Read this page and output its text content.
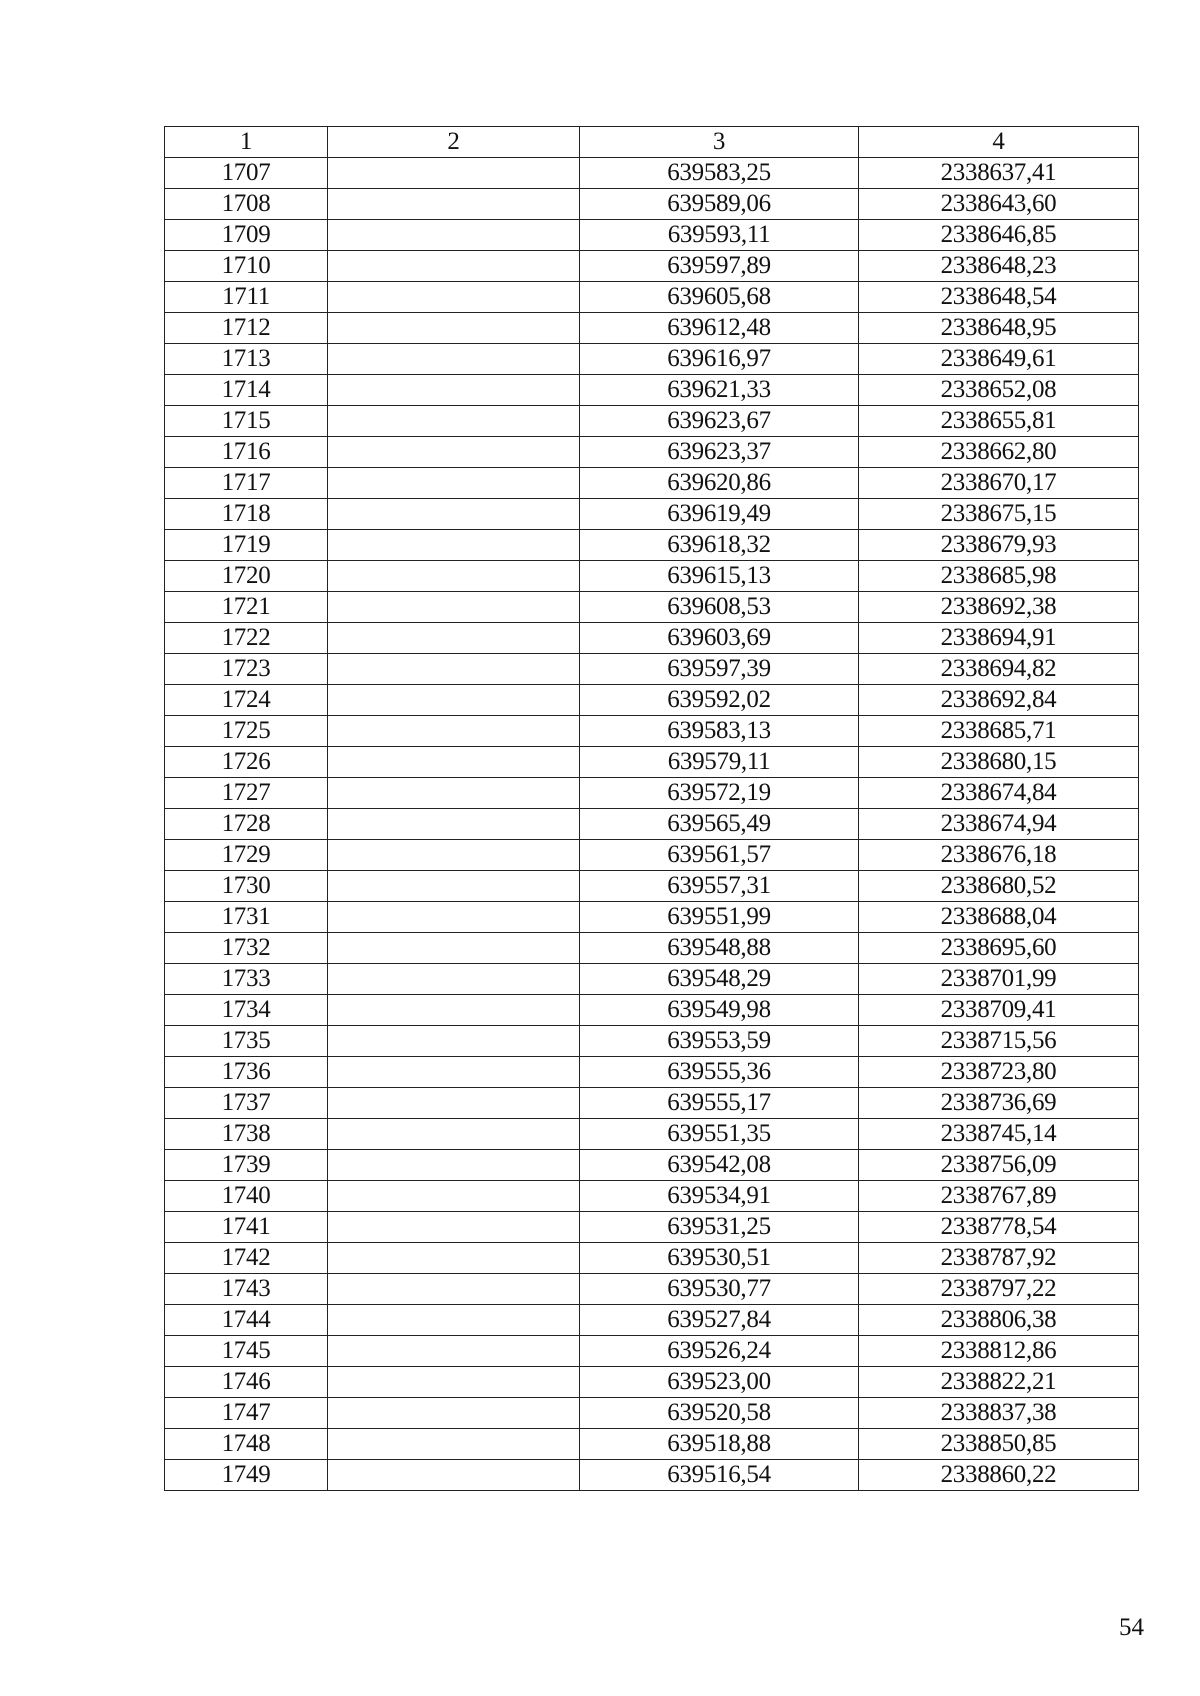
1	2	3	4
1707		639583,25	2338637,41
1708		639589,06	2338643,60
1709		639593,11	2338646,85
1710		639597,89	2338648,23
1711		639605,68	2338648,54
1712		639612,48	2338648,95
1713		639616,97	2338649,61
1714		639621,33	2338652,08
1715		639623,67	2338655,81
1716		639623,37	2338662,80
1717		639620,86	2338670,17
1718		639619,49	2338675,15
1719		639618,32	2338679,93
1720		639615,13	2338685,98
1721		639608,53	2338692,38
1722		639603,69	2338694,91
1723		639597,39	2338694,82
1724		639592,02	2338692,84
1725		639583,13	2338685,71
1726		639579,11	2338680,15
1727		639572,19	2338674,84
1728		639565,49	2338674,94
1729		639561,57	2338676,18
1730		639557,31	2338680,52
1731		639551,99	2338688,04
1732		639548,88	2338695,60
1733		639548,29	2338701,99
1734		639549,98	2338709,41
1735		639553,59	2338715,56
1736		639555,36	2338723,80
1737		639555,17	2338736,69
1738		639551,35	2338745,14
1739		639542,08	2338756,09
1740		639534,91	2338767,89
1741		639531,25	2338778,54
1742		639530,51	2338787,92
1743		639530,77	2338797,22
1744		639527,84	2338806,38
1745		639526,24	2338812,86
1746		639523,00	2338822,21
1747		639520,58	2338837,38
1748		639518,88	2338850,85
1749		639516,54	2338860,22
54
